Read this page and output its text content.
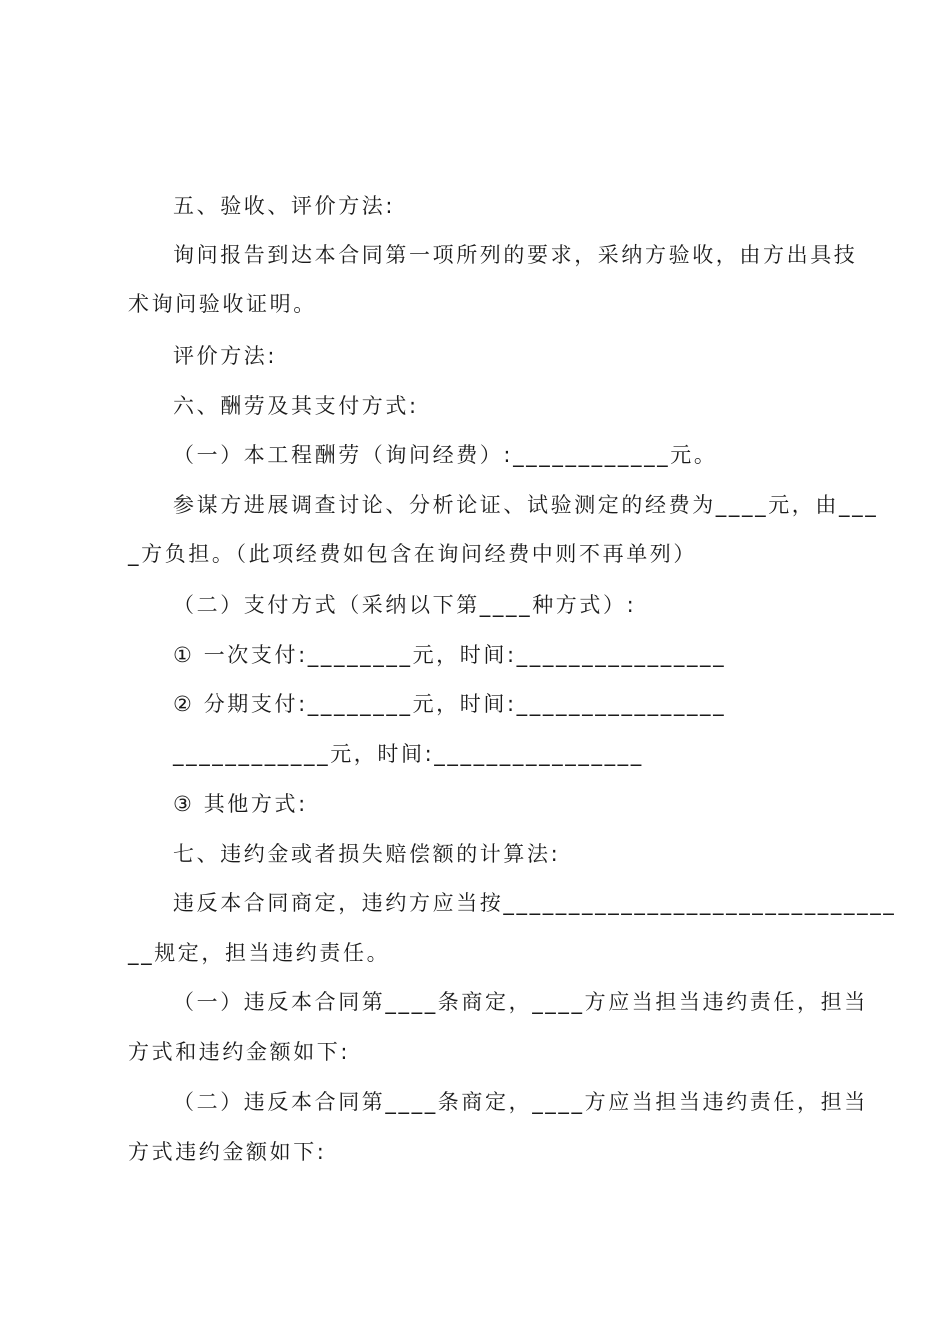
五、验收、评价方法:

询问报告到达本合同第一项所列的要求，采纳方验收，由方出具技

术询问验收证明。

评价方法:

六、酬劳及其支付方式:

（一）本工程酬劳（询问经费）:____________元。

参谋方进展调查讨论、分析论证、试验测定的经费为____元，由___

_方负担。（此项经费如包含在询问经费中则不再单列）

（二）支付方式（采纳以下第____种方式）:

① 一次支付:________元，时间:________________

② 分期支付:________元，时间:________________

____________元，时间:________________

③ 其他方式:

七、违约金或者损失赔偿额的计算法:

违反本合同商定，违约方应当按______________________________

__规定，担当违约责任。

（一）违反本合同第____条商定，____方应当担当违约责任，担当

方式和违约金额如下:

（二）违反本合同第____条商定，____方应当担当违约责任，担当

方式违约金额如下:
